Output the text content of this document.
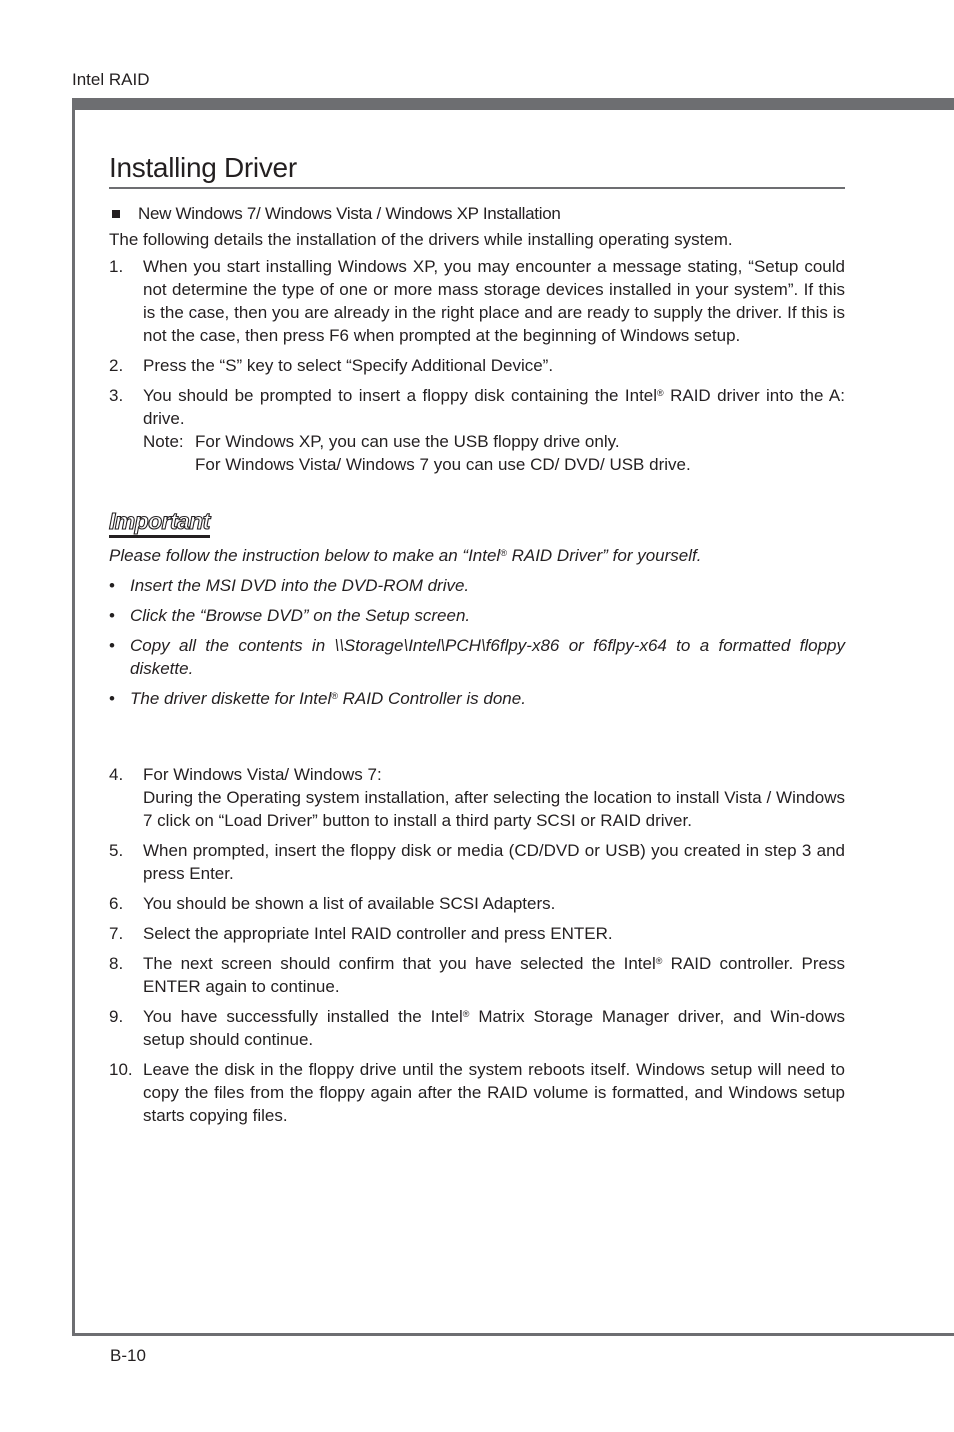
Intel RAID
Installing Driver
New Windows 7/ Windows Vista / Windows XP Installation

The following details the installation of the drivers while installing operating system.

1.	When you start installing Windows XP, you may encounter a message stating, “Setup could not determine the type of one or more mass storage devices installed in your system”. If this is the case, then you are already in the right place and are ready to supply the driver. If this is not the case, then press F6 when prompted at the beginning of Windows setup.
2.	Press the “S” key to select “Specify Additional Device”.
3.	You should be prompted to insert a floppy disk containing the Intel® RAID driver into the A: drive.
Note: For Windows XP, you can use the USB floppy drive only.
For Windows Vista/ Windows 7 you can use CD/ DVD/ USB drive.
Important

Please follow the instruction below to make an “Intel® RAID Driver” for yourself.

• Insert the MSI DVD into the DVD-ROM drive.
• Click the “Browse DVD” on the Setup screen.
• Copy all the contents in \\Storage\Intel\PCH\f6flpy-x86 or f6flpy-x64 to a formatted floppy diskette.
• The driver diskette for Intel® RAID Controller is done.
4.	For Windows Vista/ Windows 7:
During the Operating system installation, after selecting the location to install Vista / Windows 7 click on “Load Driver” button to install a third party SCSI or RAID driver.
5.	When prompted, insert the floppy disk or media (CD/DVD or USB) you created in step 3 and press Enter.
6.	You should be shown a list of available SCSI Adapters.
7.	Select the appropriate Intel RAID controller and press ENTER.
8.	The next screen should confirm that you have selected the Intel® RAID controller. Press ENTER again to continue.
9.	You have successfully installed the Intel® Matrix Storage Manager driver, and Win-dows setup should continue.
10. Leave the disk in the floppy drive until the system reboots itself. Windows setup will need to copy the files from the floppy again after the RAID volume is formatted, and Windows setup starts copying files.
B-10
